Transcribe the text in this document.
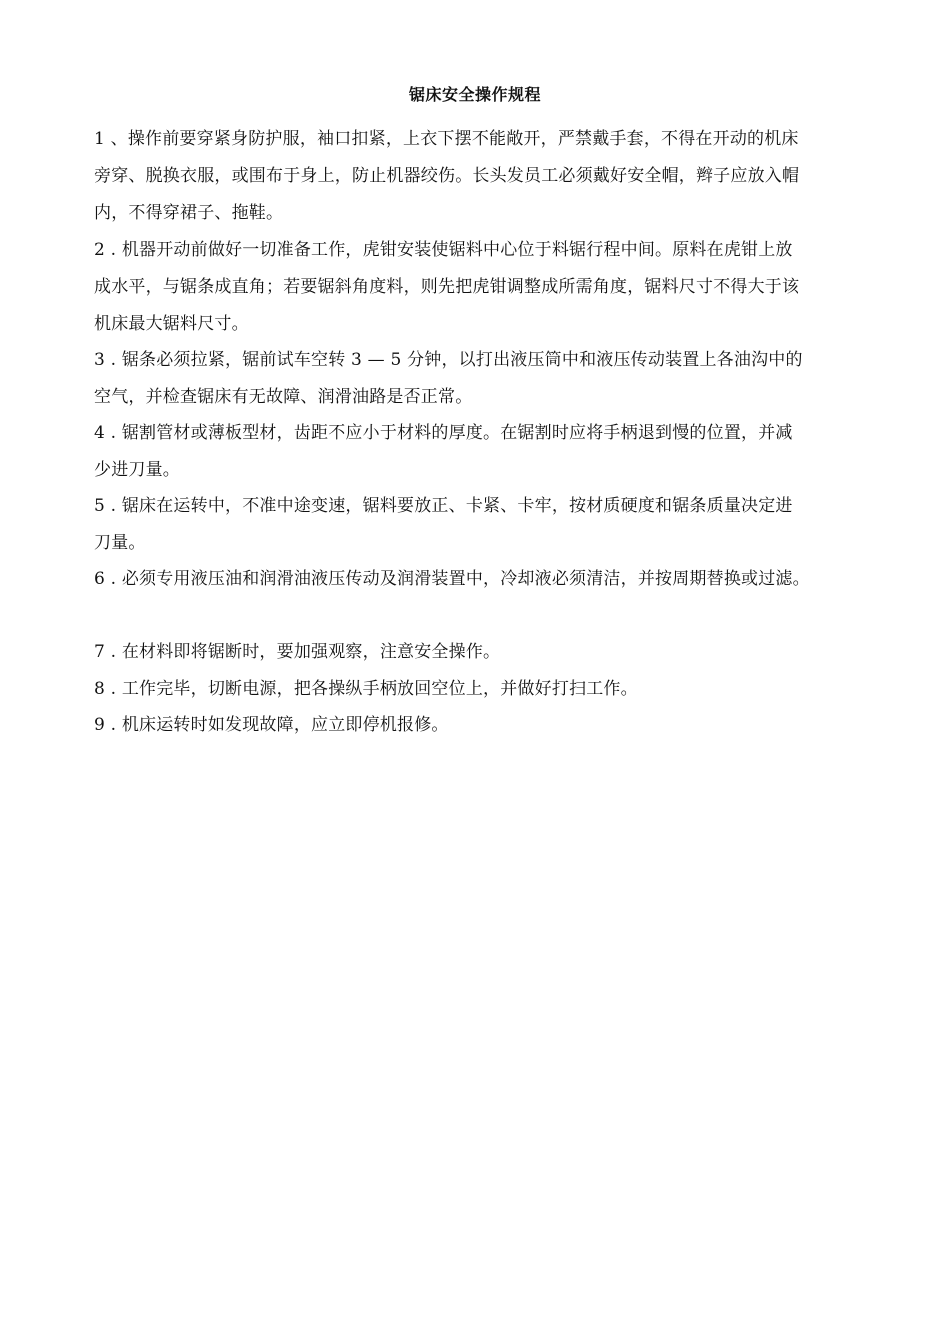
锯床安全操作规程
1 、操作前要穿紧身防护服，袖口扣紧，上衣下摆不能敞开，严禁戴手套，不得在开动的机床
旁穿、脱换衣服，或围布于身上，防止机器绞伤。长头发员工必须戴好安全帽，辫子应放入帽
内，不得穿裙子、拖鞋。
2 . 机器开动前做好一切准备工作，虎钳安装使锯料中心位于料锯行程中间。原料在虎钳上放
成水平，与锯条成直角；若要锯斜角度料，则先把虎钳调整成所需角度，锯料尺寸不得大于该
机床最大锯料尺寸。
3 . 锯条必须拉紧，锯前试车空转 3 — 5 分钟，以打出液压筒中和液压传动装置上各油沟中的
空气，并检查锯床有无故障、润滑油路是否正常。
4 . 锯割管材或薄板型材，齿距不应小于材料的厚度。在锯割时应将手柄退到慢的位置，并减
少进刀量。
5 . 锯床在运转中，不准中途变速，锯料要放正、卡紧、卡牢，按材质硬度和锯条质量决定进
刀量。
6 . 必须专用液压油和润滑油液压传动及润滑装置中，冷却液必须清洁，并按周期替换或过滤。
7 . 在材料即将锯断时，要加强观察，注意安全操作。
8 . 工作完毕，切断电源，把各操纵手柄放回空位上，并做好打扫工作。
9 . 机床运转时如发现故障，应立即停机报修。
